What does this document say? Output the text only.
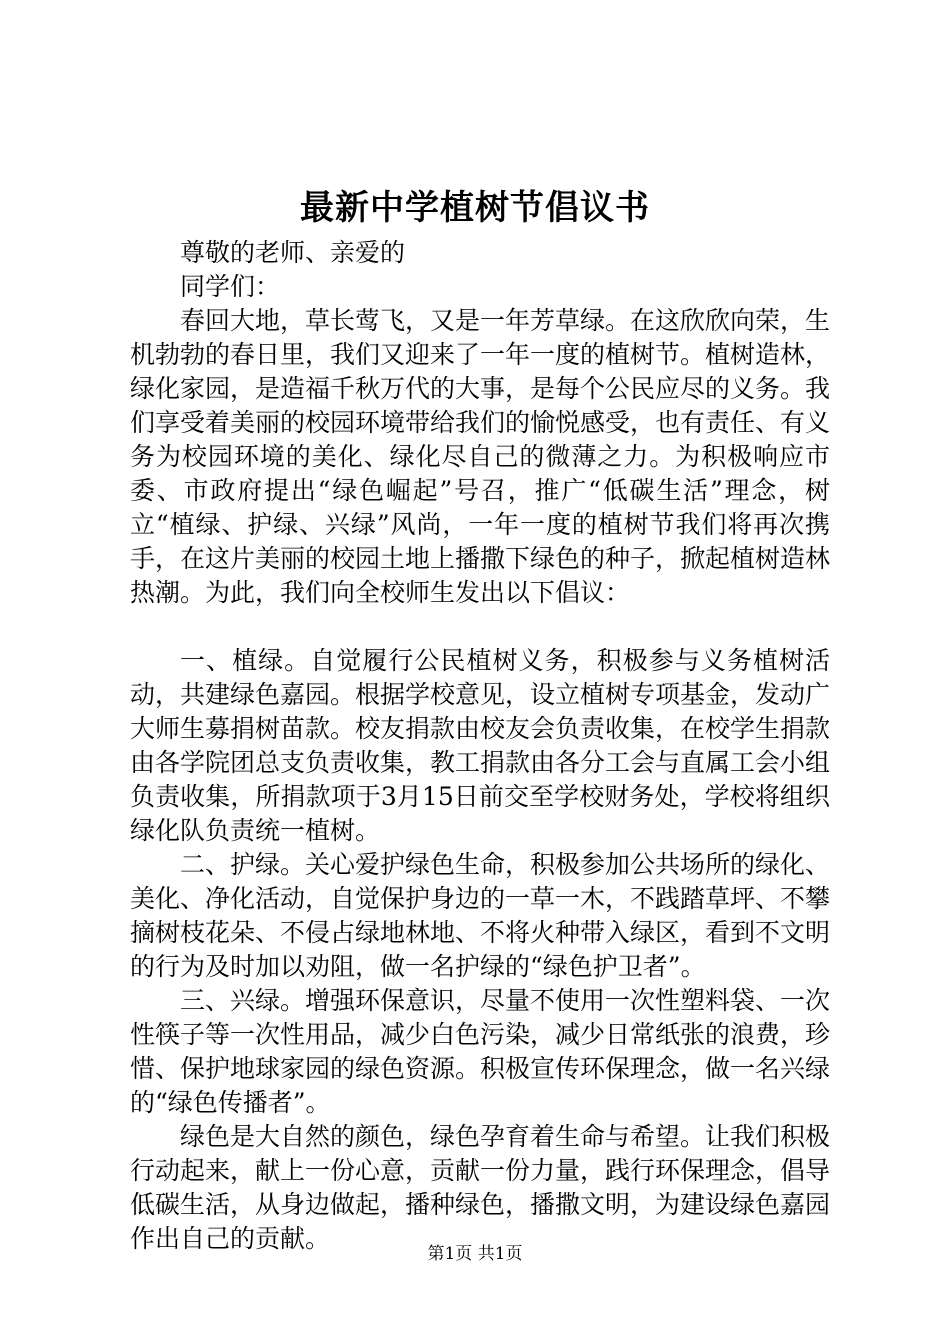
最新中学植树节倡议书

尊敬的老师、亲爱的

同学们：

春回大地，草长莺飞，又是一年芳草绿。在这欣欣向荣，生机勃勃的春日里，我们又迎来了一年一度的植树节。植树造林，绿化家园，是造福千秋万代的大事，是每个公民应尽的义务。我们享受着美丽的校园环境带给我们的愉悦感受，也有责任、有义务为校园环境的美化、绿化尽自己的微薄之力。为积极响应市委、市政府提出“绿色崛起”号召，推广“低碳生活”理念，树立“植绿、护绿、兴绿”风尚，一年一度的植树节我们将再次携手，在这片美丽的校园土地上播撒下绿色的种子，掀起植树造林热潮。为此，我们向全校师生发出以下倡议：

一、植绿。自觉履行公民植树义务，积极参与义务植树活动，共建绿色嘉园。根据学校意见，设立植树专项基金，发动广大师生募捐树苗款。校友捐款由校友会负责收集，在校学生捐款由各学院团总支负责收集，教工捐款由各分工会与直属工会小组负责收集，所捐款项于3月15日前交至学校财务处，学校将组织绿化队负责统一植树。

二、护绿。关心爱护绿色生命，积极参加公共场所的绿化、美化、净化活动，自觉保护身边的一草一木，不践踏草坪、不攀摘树枝花朵、不侵占绿地林地、不将火种带入绿区，看到不文明的行为及时加以劝阻，做一名护绿的“绿色护卫者”。

三、兴绿。增强环保意识，尽量不使用一次性塑料袋、一次性筷子等一次性用品，减少白色污染，减少日常纸张的浪费，珍惜、保护地球家园的绿色资源。积极宣传环保理念，做一名兴绿的“绿色传播者”。

绿色是大自然的颜色，绿色孕育着生命与希望。让我们积极行动起来，献上一份心意，贡献一份力量，践行环保理念，倡导低碳生活，从身边做起，播种绿色，播撒文明，为建设绿色嘉园作出自己的贡献。

第1页 共1页
